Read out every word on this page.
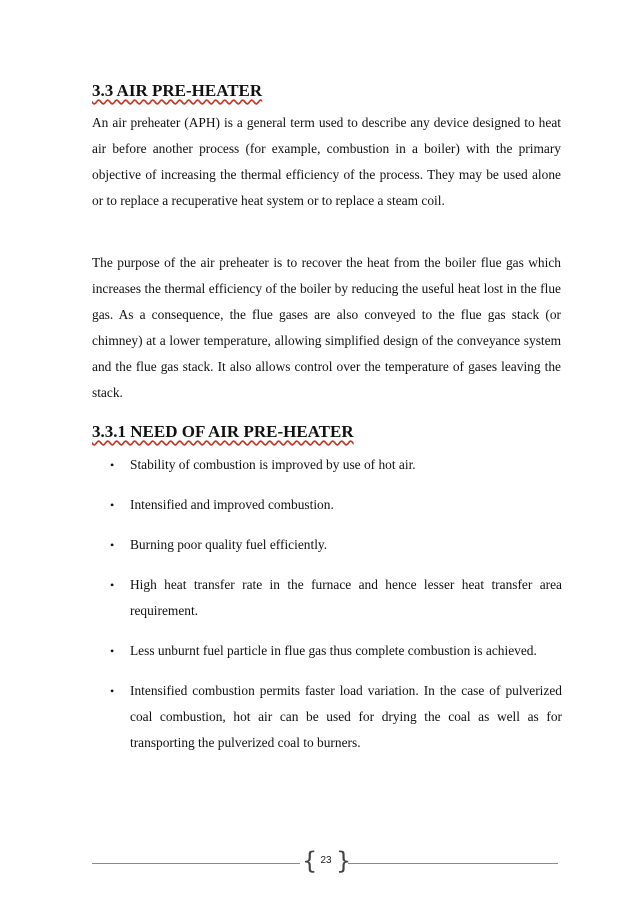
3.3 AIR PRE-HEATER

An air preheater (APH) is a general term used to describe any device designed to heat air before another process (for example, combustion in a boiler) with the primary objective of increasing the thermal efficiency of the process. They may be used alone or to replace a recuperative heat system or to replace a steam coil.

The purpose of the air preheater is to recover the heat from the boiler flue gas which increases the thermal efficiency of the boiler by reducing the useful heat lost in the flue gas. As a consequence, the flue gases are also conveyed to the flue gas stack (or chimney) at a lower temperature, allowing simplified design of the conveyance system and the flue gas stack. It also allows control over the temperature of gases leaving the stack.

3.3.1 NEED OF AIR PRE-HEATER
• Stability of combustion is improved by use of hot air.
• Intensified and improved combustion.
• Burning poor quality fuel efficiently.
• High heat transfer rate in the furnace and hence lesser heat transfer area requirement.
• Less unburnt fuel particle in flue gas thus complete combustion is achieved.
• Intensified combustion permits faster load variation. In the case of pulverized coal combustion, hot air can be used for drying the coal as well as for transporting the pulverized coal to burners.
{ 23 }
